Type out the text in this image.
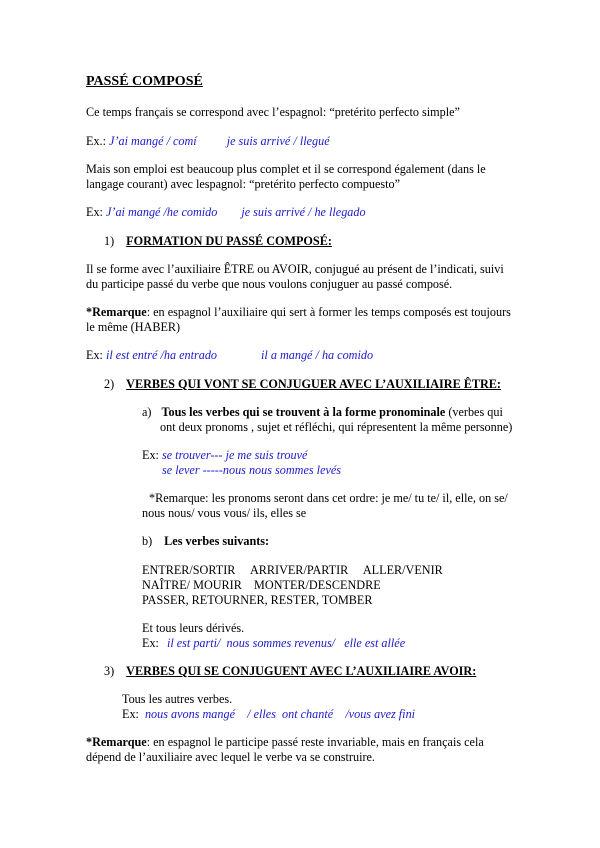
PASSÉ COMPOSÉ
Ce temps français se correspond avec l’espagnol: “pretérito perfecto simple”
Ex.: J’ai mangé / comí je suis arrivé / llegué
Mais son emploi est beaucoup plus complet et il se correspond également (dans le
langage courant) avec lespagnol: “pretérito perfecto compuesto”
Ex: J’ai mangé /he comido je suis arrivé / he llegado
1) FORMATION DU PASSÉ COMPOSÉ:
Il se forme avec l’auxiliaire ÊTRE ou AVOIR, conjugué au présent de l’indicati, suivi
du participe passé du verbe que nous voulons conjuguer au passé composé.
*Remarque: en espagnol l’auxiliaire qui sert à former les temps composés est toujours
le même (HABER)
Ex: il est entré /ha entrado	il a mangé / ha comido
2) VERBES QUI VONT SE CONJUGUER AVEC L’AUXILIAIRE ÊTRE:
a) Tous les verbes qui se trouvent à la forme pronominale (verbes qui
ont deux pronoms , sujet et réfléchi, qui répresentent la même personne)
Ex: se trouver--- je me suis trouvé
se lever -----nous nous sommes levés
*Remarque: les pronoms seront dans cet ordre: je me/ tu te/ il, elle, on se/
nous nous/ vous vous/ ils, elles se
b) Les verbes suivants:
ENTRER/SORTIR     ARRIVER/PARTIR     ALLER/VENIR
NAÎTRE/ MOURIR    MONTER/DESCENDRE
PASSER, RETOURNER, RESTER, TOMBER
Et tous leurs dérivés.
Ex: il est parti/  nous sommes revenus/   elle est allée
3) VERBES QUI SE CONJUGUENT AVEC L’AUXILIAIRE AVOIR:
Tous les autres verbes.
Ex: nous avons mangé    / elles  ont chanté    /vous avez fini
*Remarque: en espagnol le participe passé reste invariable, mais en français cela
dépend de l’auxiliaire avec lequel le verbe va se construire.
